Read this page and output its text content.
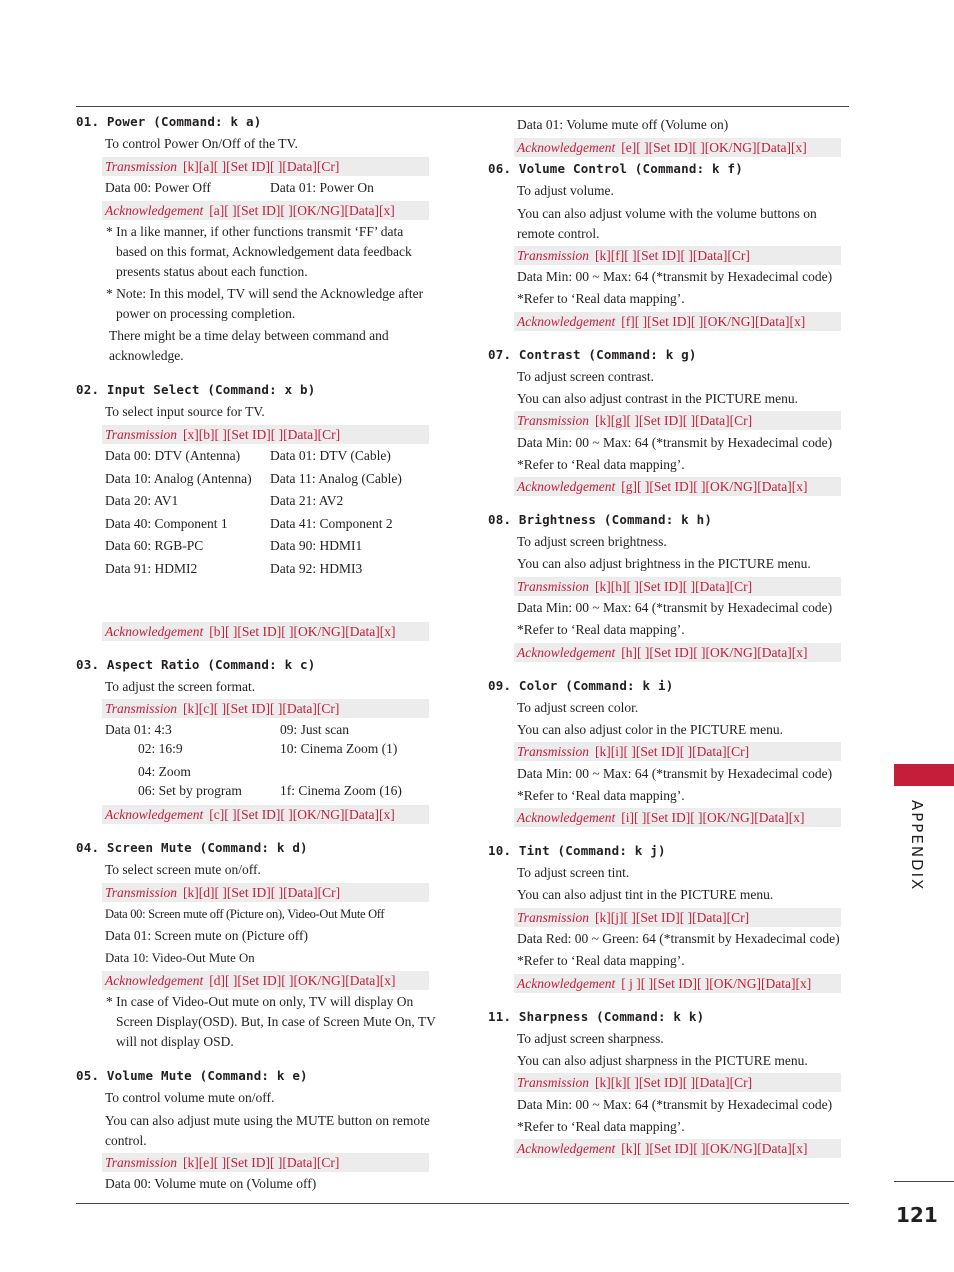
01. Power (Command: k a)
To control Power On/Off of the TV.
Transmission [k][a][ ][Set ID][ ][Data][Cr]
Data 00: Power Off	Data 01: Power On
Acknowledgement [a][ ][Set ID][ ][OK/NG][Data][x]
* In a like manner, if other functions transmit ‘FF’ data based on this format, Acknowledgement data feedback presents status about each function.
* Note: In this model, TV will send the Acknowledge after power on processing completion.
There might be a time delay between command and acknowledge.
02. Input Select (Command: x b)
To select input source for TV.
Transmission [x][b][ ][Set ID][ ][Data][Cr]
Data 00: DTV (Antenna)	Data 01: DTV (Cable)
Data 10: Analog (Antenna)	Data 11: Analog (Cable)
Data 20: AV1	Data 21: AV2
Data 40: Component 1	Data 41: Component 2
Data 60: RGB-PC	Data 90: HDMI1
Data 91: HDMI2	Data 92: HDMI3
Acknowledgement [b][ ][Set ID][ ][OK/NG][Data][x]
03. Aspect Ratio (Command: k c)
To adjust the screen format.
Transmission [k][c][ ][Set ID][ ][Data][Cr]
Data 01: 4:3	09: Just scan
02: 16:9	10: Cinema Zoom (1)
04: Zoom
06: Set by program	1f: Cinema Zoom (16)
Acknowledgement [c][ ][Set ID][ ][OK/NG][Data][x]
04. Screen Mute (Command: k d)
To select screen mute on/off.
Transmission [k][d][ ][Set ID][ ][Data][Cr]
Data 00: Screen mute off (Picture on), Video-Out Mute Off
Data 01: Screen mute on (Picture off)
Data 10: Video-Out Mute On
Acknowledgement [d][ ][Set ID][ ][OK/NG][Data][x]
* In case of Video-Out mute on only, TV will display On Screen Display(OSD). But, In case of Screen Mute On, TV will not display OSD.
05. Volume Mute (Command: k e)
To control volume mute on/off.
You can also adjust mute using the MUTE button on remote control.
Transmission [k][e][ ][Set ID][ ][Data][Cr]
Data 00: Volume mute on (Volume off)
Data 01: Volume mute off (Volume on)
Acknowledgement [e][ ][Set ID][ ][OK/NG][Data][x]
06. Volume Control (Command: k f)
To adjust volume.
You can also adjust volume with the volume buttons on remote control.
Transmission [k][f][ ][Set ID][ ][Data][Cr]
Data Min: 00 ~ Max: 64 (*transmit by Hexadecimal code)
*Refer to ‘Real data mapping’.
Acknowledgement [f][ ][Set ID][ ][OK/NG][Data][x]
07. Contrast (Command: k g)
To adjust screen contrast.
You can also adjust contrast in the PICTURE menu.
Transmission [k][g][ ][Set ID][ ][Data][Cr]
Data Min: 00 ~ Max: 64 (*transmit by Hexadecimal code)
*Refer to ‘Real data mapping’.
Acknowledgement [g][ ][Set ID][ ][OK/NG][Data][x]
08. Brightness (Command: k h)
To adjust screen brightness.
You can also adjust brightness in the PICTURE menu.
Transmission [k][h][ ][Set ID][ ][Data][Cr]
Data Min: 00 ~ Max: 64 (*transmit by Hexadecimal code)
*Refer to ‘Real data mapping’.
Acknowledgement [h][ ][Set ID][ ][OK/NG][Data][x]
09. Color (Command: k i)
To adjust screen color.
You can also adjust color in the PICTURE menu.
Transmission [k][i][ ][Set ID][ ][Data][Cr]
Data Min: 00 ~ Max: 64 (*transmit by Hexadecimal code)
*Refer to ‘Real data mapping’.
Acknowledgement [i][ ][Set ID][ ][OK/NG][Data][x]
10. Tint (Command: k j)
To adjust screen tint.
You can also adjust tint in the PICTURE menu.
Transmission [k][j][ ][Set ID][ ][Data][Cr]
Data Red: 00 ~ Green: 64 (*transmit by Hexadecimal code)
*Refer to ‘Real data mapping’.
Acknowledgement [ j ][ ][Set ID][ ][OK/NG][Data][x]
11. Sharpness (Command: k k)
To adjust screen sharpness.
You can also adjust sharpness in the PICTURE menu.
Transmission [k][k][ ][Set ID][ ][Data][Cr]
Data Min: 00 ~ Max: 64 (*transmit by Hexadecimal code)
*Refer to ‘Real data mapping’.
Acknowledgement [k][ ][Set ID][ ][OK/NG][Data][x]
APPENDIX
121
